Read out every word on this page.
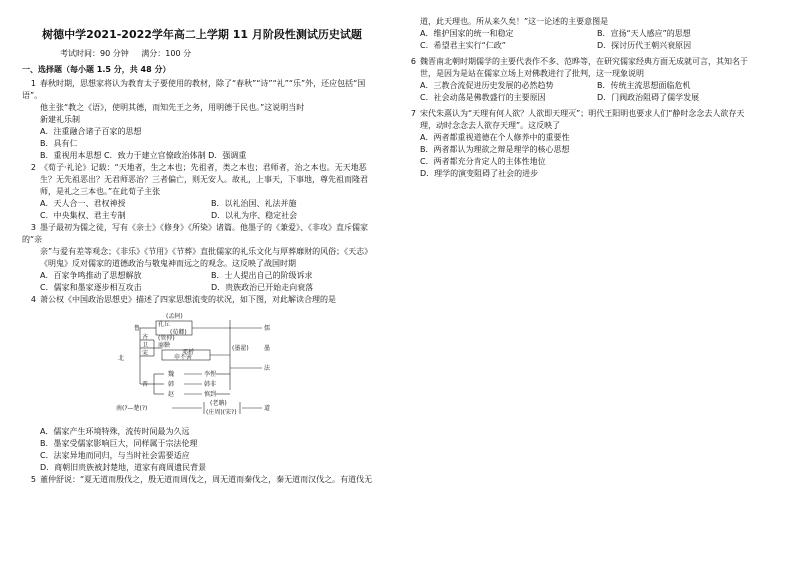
树德中学2021-2022学年高二上学期 11 月阶段性测试历史试题
考试时间：90 分钟 满分：100 分
一、选择题（每小题 1.5 分，共 48 分）
1 春秋时期，思想家将认为教育太子要使用的教材，除了“春秋”“诗”“礼”“乐”外，还应包括“国语”。
他主张“教之《语》，使明其德，而知先王之务，用明德于民也。”这说明当时
新建礼乐制
A．注重融合诸子百家的思想
B．具有仁
B．重视用本思想 C．致力于建立官僚政治体制 D．强调重
2 《荀子·礼论》记载：“天地者，生之本也；先祖者，类之本也；君师者，治之本也。无天地恶
生？无先祖恶出？无君师恶治？三者偏亡，则无安人。故礼，上事天，下事地，尊先祖而隆君
师，是礼之三本也。”在此荀子主张
A．天人合一、君权神授	B．以礼治国、礼法并施
C．中央集权、君主专制	D．以礼为序、稳定社会
3 墨子最初为儒之徒，写有《亲士》《修身》《所染》诸篇。他墨子的《兼爱》、《非攻》直斥儒家的“亲
亲”与爱有差等观念；《非乐》《节用》《节葬》直批儒家的礼乐文化与厚葬靡财的风俗；《天志》
《明鬼》反对儒家的道德政治与敬鬼神而远之的观念。这反映了战国时期
A．百家争鸣推动了思想解放	B．士人提出自己的阶级诉求
C．儒家和墨家逐步相互攻击	D．贵族政治已开始走向衰落
4 萧公权《中国政治思想史》描述了四家思想流变的状况，如下图，对此解读合理的是
鲁
孔丘
(孟轲)
(荀卿)
儒
齐 (管仲)
卫 商鞅
宋	邓析
申不害
北
法
晋
魏
韩
赵
李悝
韩非
慎到
南(?—楚(?)
(老聃)
(庄周)(宋?)
道
墨
(墨翟)
A．儒家产生环境特殊，流传时间最为久远
B．墨家受儒家影响巨大，同样属于宗法伦理
C．法家异地而同归，与当时社会需要适应
D．商朝旧贵族被封楚地，道家有商周遗民背景
5 董仲舒说：“夏无道而殷伐之，殷无道而周伐之，周无道而秦伐之，秦无道而汉伐之。有道伐无
道，此天理也。所从来久矣！”这一论述的主要意图是
A．维护国家的统一和稳定	B．宣扬“天人感应”的思想
C．希望君主实行“仁政”	D．探讨历代王朝兴衰原因
6 魏晋南北朝时期儒学的主要代表作不多、范晔等，在研究儒家经典方面无成就可言，其知名于
世，是因为是站在儒家立场上对佛教进行了批判，这一现象说明
A．三教合流促进历史发展的必然趋势	B．传统主流思想面临危机
C．社会动荡是佛教盛行的主要原因	D．门阀政治阻碍了儒学发展
7 宋代朱熹认为“天理有何人欲？人欲即天理灭”；明代王阳明也要求人们“静时念念去人欲存天
理，动时念念去人欲存天理”。这反映了
A．两者都重视道德在个人修养中的重要性
B．两者都认为理欲之辩是理学的核心思想
C．两者都充分肯定人的主体性地位
D．理学的演变阻碍了社会的进步
